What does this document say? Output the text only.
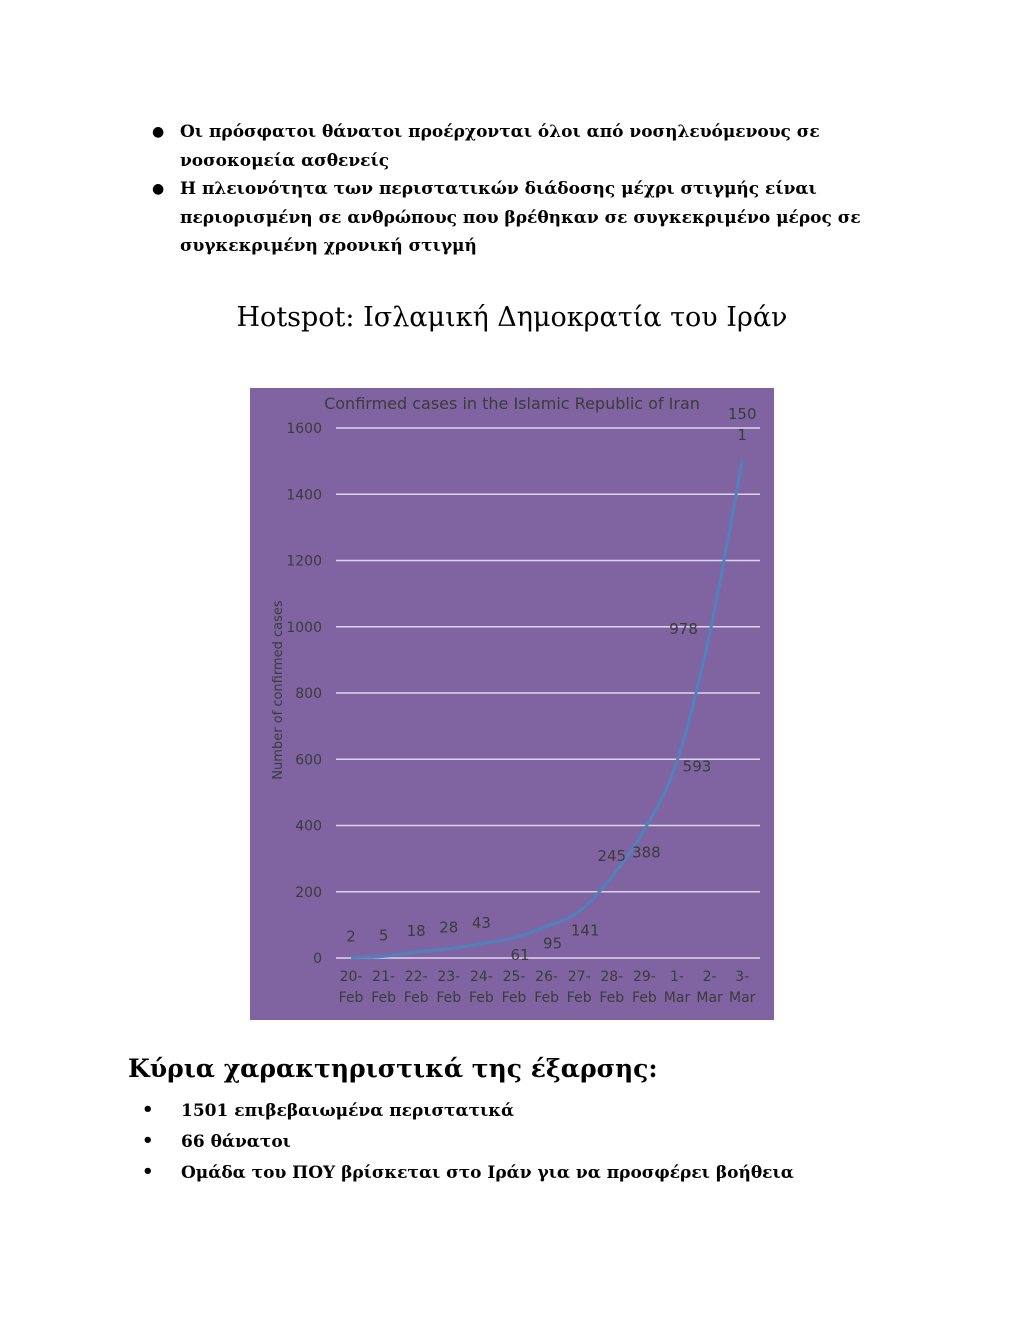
● Οι πρόσφατοι θάνατοι προέρχονται όλοι από νοσηλευόμενους σε νοσοκομεία ασθενείς
● Η πλειονότητα των περιστατικών διάδοσης μέχρι στιγμής είναι περιορισμένη σε ανθρώπους που βρέθηκαν σε συγκεκριμένο μέρος σε συγκεκριμένη χρονική στιγμή
Hotspot: Ισλαμική Δημοκρατία του Ιράν
0
200
400
600
800
1000
1200
1400
1600
20-Feb
21-Feb
22-Feb
23-Feb
24-Feb
25-Feb
26-Feb
27-Feb
28-Feb
29-Feb
1-Mar
2-Mar
3-Mar
2 5 18 28 43
61
95
141
245 388
593
978
150 1
Confirmed cases in the Islamic Republic of Iran
Number of confirmed cases
Κύρια χαρακτηριστικά της έξαρσης:
• 1501 επιβεβαιωμένα περιστατικά
• 66 θάνατοι
• Ομάδα του ΠΟΥ βρίσκεται στο Ιράν για να προσφέρει βοήθεια
